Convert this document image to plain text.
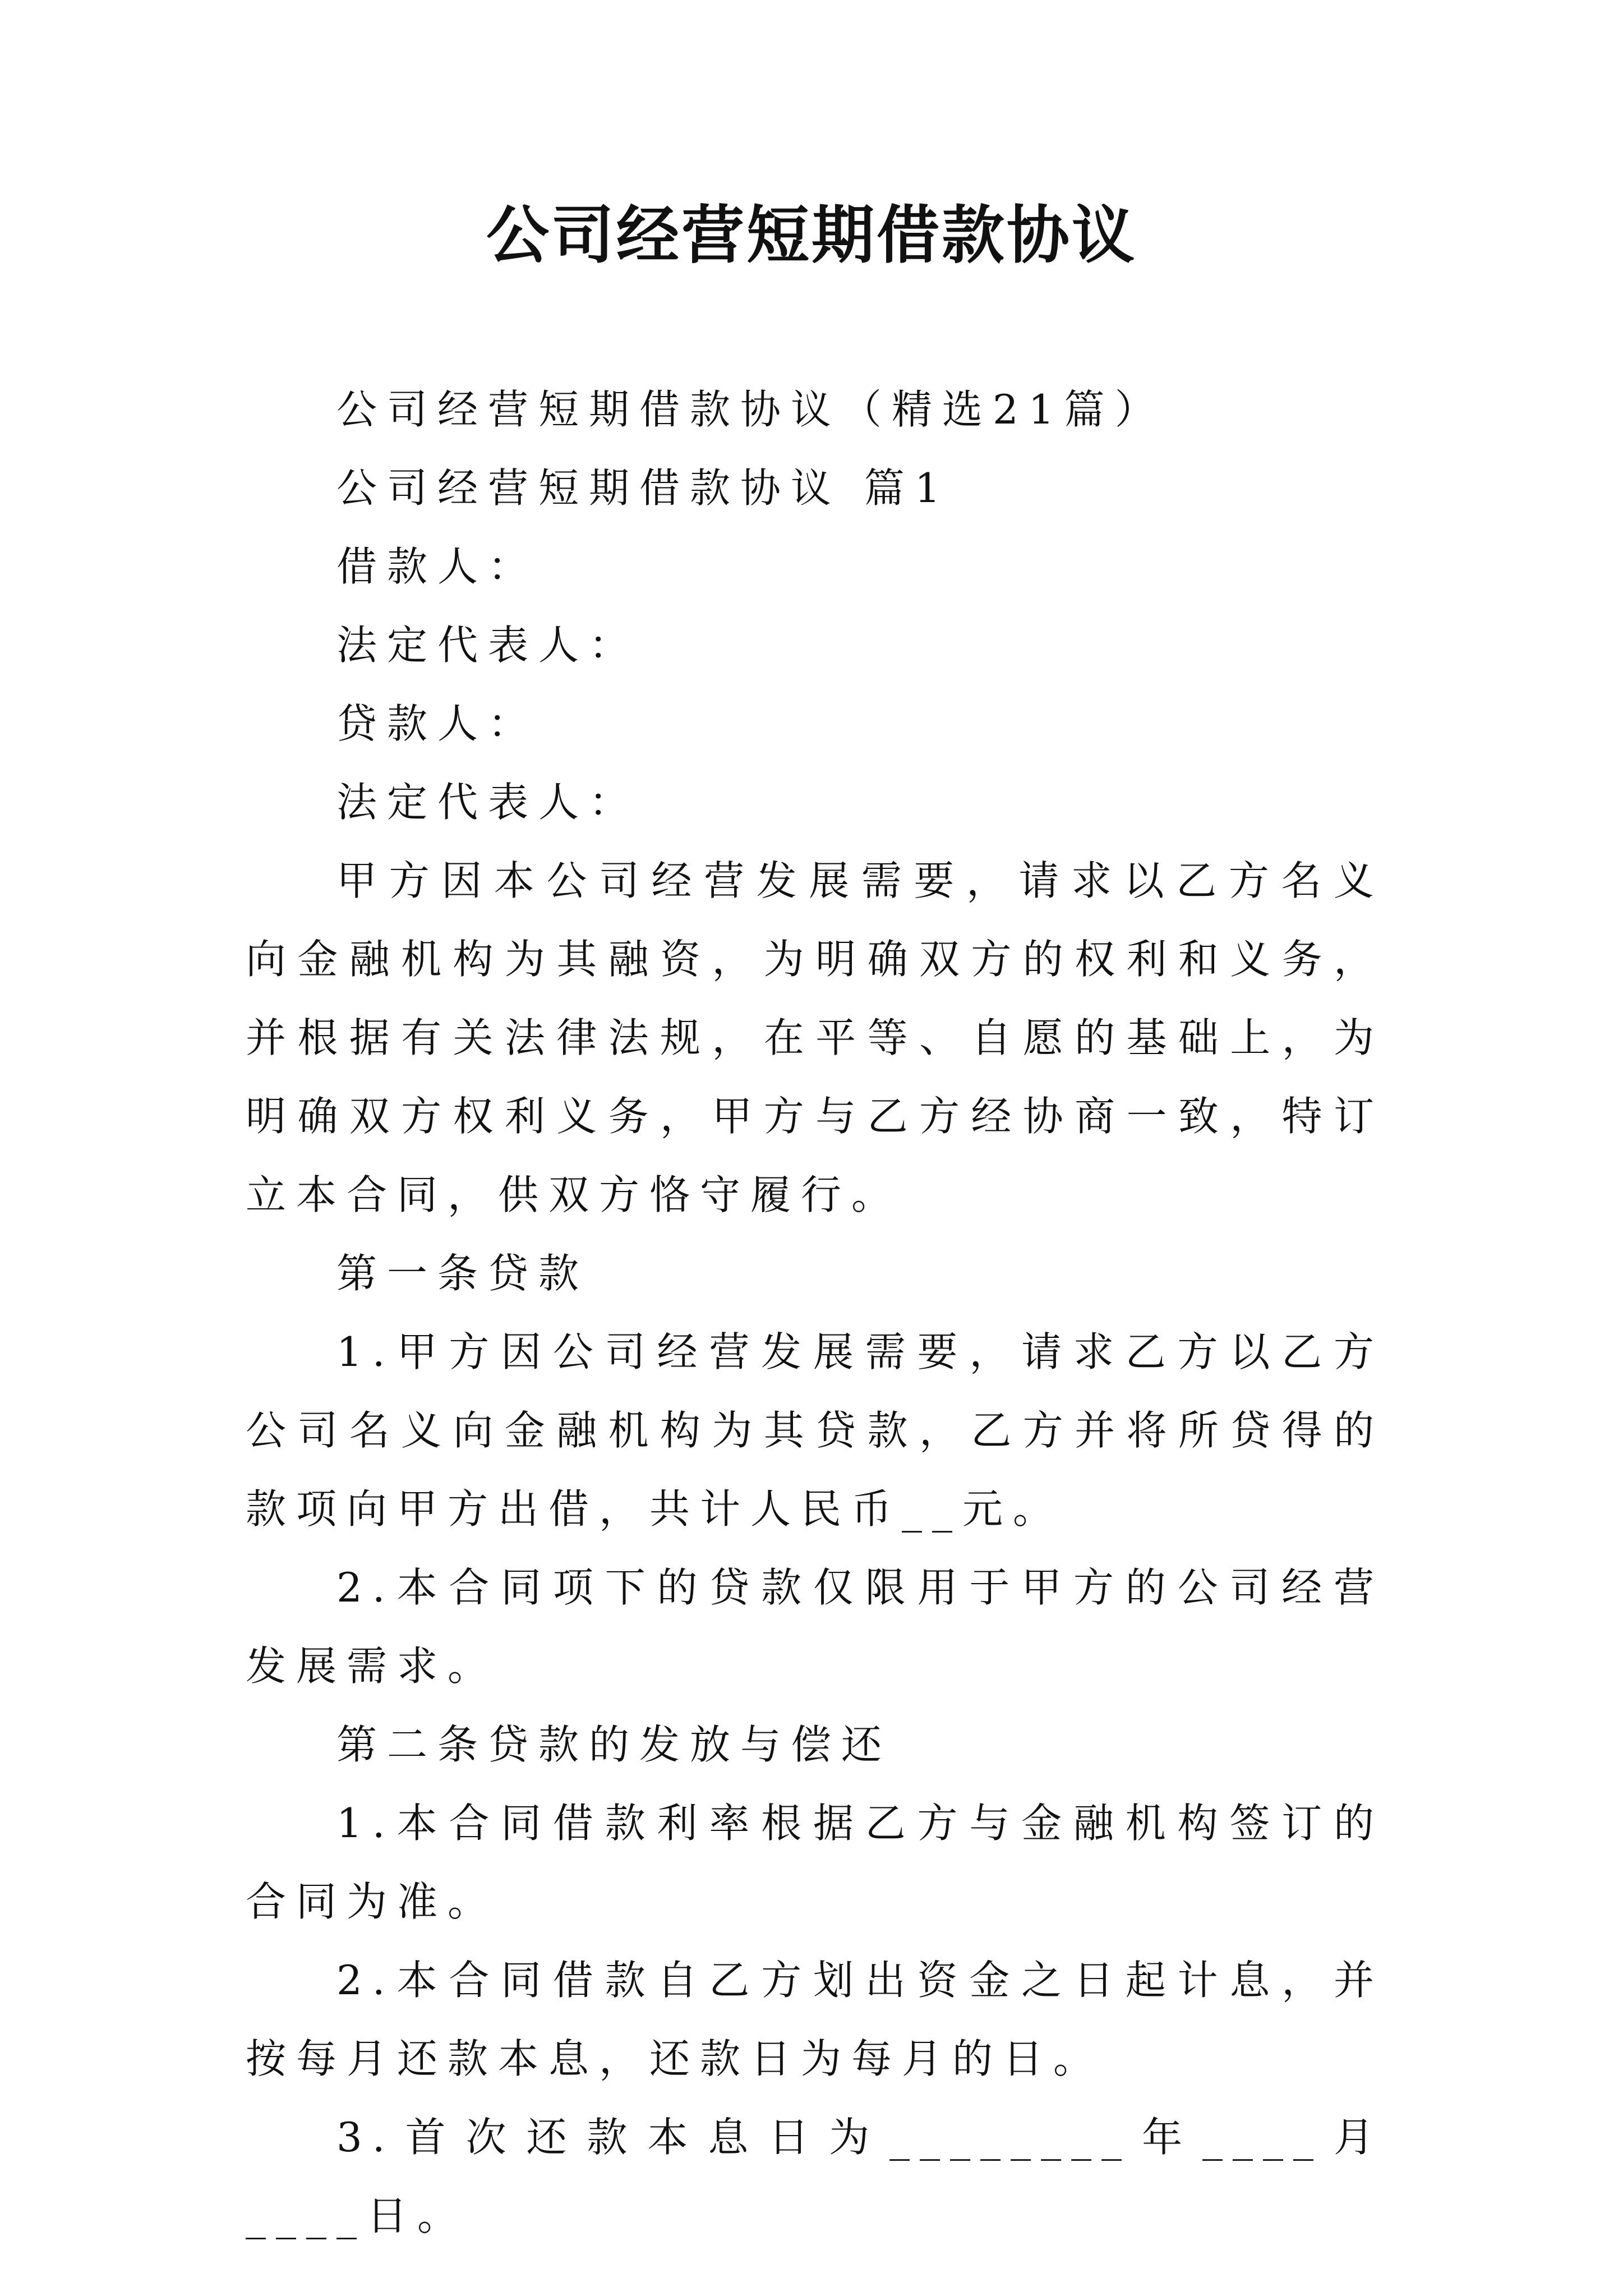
公司经营短期借款协议

公司经营短期借款协议（精选21篇）

公司经营短期借款协议 篇1

借款人：

法定代表人：

贷款人：

法定代表人：

甲方因本公司经营发展需要，请求以乙方名义向金融机构为其融资，为明确双方的权利和义务，并根据有关法律法规，在平等、自愿的基础上，为明确双方权利义务，甲方与乙方经协商一致，特订立本合同，供双方恪守履行。

第一条贷款

1.甲方因公司经营发展需要，请求乙方以乙方公司名义向金融机构为其贷款，乙方并将所贷得的款项向甲方出借，共计人民币__元。

2.本合同项下的贷款仅限用于甲方的公司经营发展需求。

第二条贷款的发放与偿还

1.本合同借款利率根据乙方与金融机构签订的合同为准。

2.本合同借款自乙方划出资金之日起计息，并按每月还款本息，还款日为每月的日。

3.首次还款本息日为________年____月____日。
